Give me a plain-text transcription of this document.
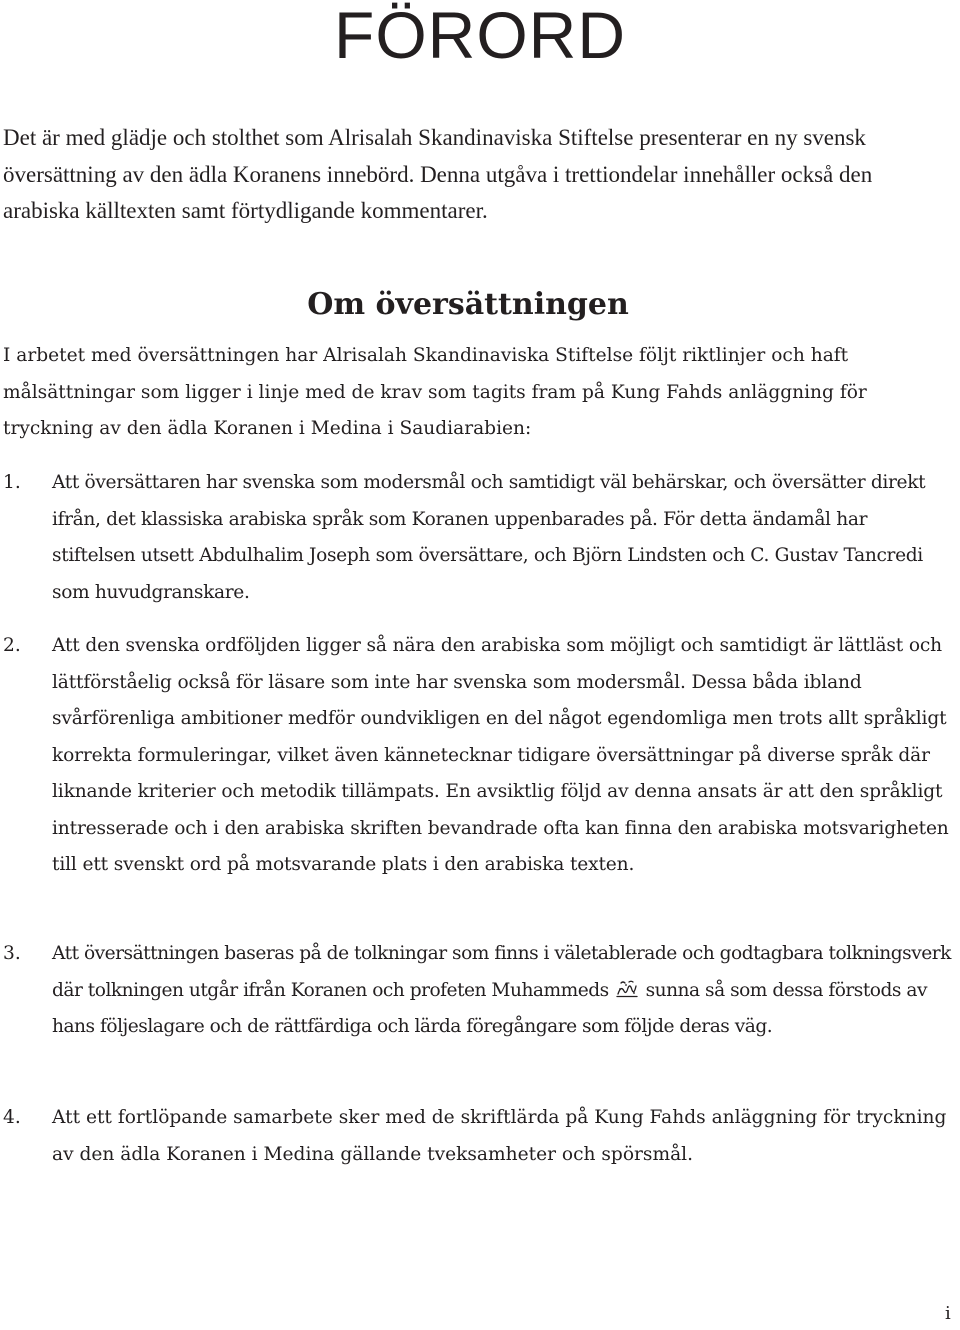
FÖRORD

Det är med glädje och stolthet som Alrisalah Skandinaviska Stiftelse presenterar en ny svensk översättning av den ädla Koranens innebörd. Denna utgåva i trettiondelar innehåller också den arabiska källtexten samt förtydligande kommentarer.

Om översättningen

I arbetet med översättningen har Alrisalah Skandinaviska Stiftelse följt riktlinjer och haft målsättningar som ligger i linje med de krav som tagits fram på Kung Fahds anläggning för tryckning av den ädla Koranen i Medina i Saudiarabien:

1. Att översättaren har svenska som modersmål och samtidigt väl behärskar, och översätter direkt ifrån, det klassiska arabiska språk som Koranen uppenbarades på. För detta ändamål har stiftelsen utsett Abdulhalim Joseph som översättare, och Björn Lindsten och C. Gustav Tancredi som huvudgranskare.

2. Att den svenska ordföljden ligger så nära den arabiska som möjligt och samtidigt är lättläst och lättförståelig också för läsare som inte har svenska som modersmål. Dessa båda ibland svårförenliga ambitioner medför oundvikligen en del något egendomliga men trots allt språkligt korrekta formuleringar, vilket även kännetecknar tidigare översättningar på diverse språk där liknande kriterier och metodik tillämpats. En avsiktlig följd av denna ansats är att den språkligt intresserade och i den arabiska skriften bevandrade ofta kan finna den arabiska motsvarigheten till ett svenskt ord på motsvarande plats i den arabiska texten.

3. Att översättningen baseras på de tolkningar som finns i väletablerade och godtagbara tolkningsverk där tolkningen utgår ifrån Koranen och profeten Muhammeds sunna så som dessa förstods av hans följeslagare och de rättfärdiga och lärda föregångare som följde deras väg.

4. Att ett fortlöpande samarbete sker med de skriftlärda på Kung Fahds anläggning för tryckning av den ädla Koranen i Medina gällande tveksamheter och spörsmål.

i
